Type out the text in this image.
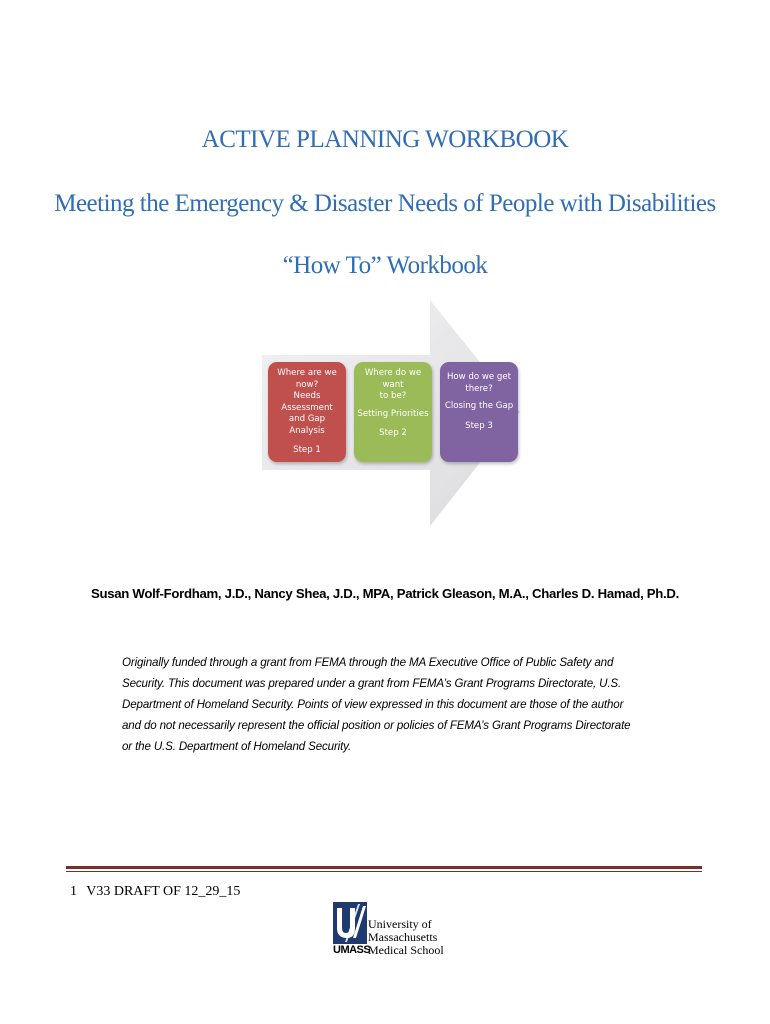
ACTIVE PLANNING WORKBOOK
Meeting the Emergency & Disaster Needs of People with Disabilities
“How To” Workbook
Where are we now?
Needs Assessment
and Gap Analysis
Step 1
Where do we want
to be?
Setting Priorities
Step 2
How do we get
there?
Closing the Gap
Step 3
Susan Wolf-Fordham, J.D., Nancy Shea, J.D., MPA, Patrick Gleason, M.A., Charles D. Hamad, Ph.D.
Originally funded through a grant from FEMA through the MA Executive Office of Public Safety and
Security. This document was prepared under a grant from FEMA’s Grant Programs Directorate, U.S.
Department of Homeland Security. Points of view expressed in this document are those of the author
and do not necessarily represent the official position or policies of FEMA’s Grant Programs Directorate
or the U.S. Department of Homeland Security.
1 V33 DRAFT OF 12_29_15
University of
Massachusetts
UMASS
Medical School
